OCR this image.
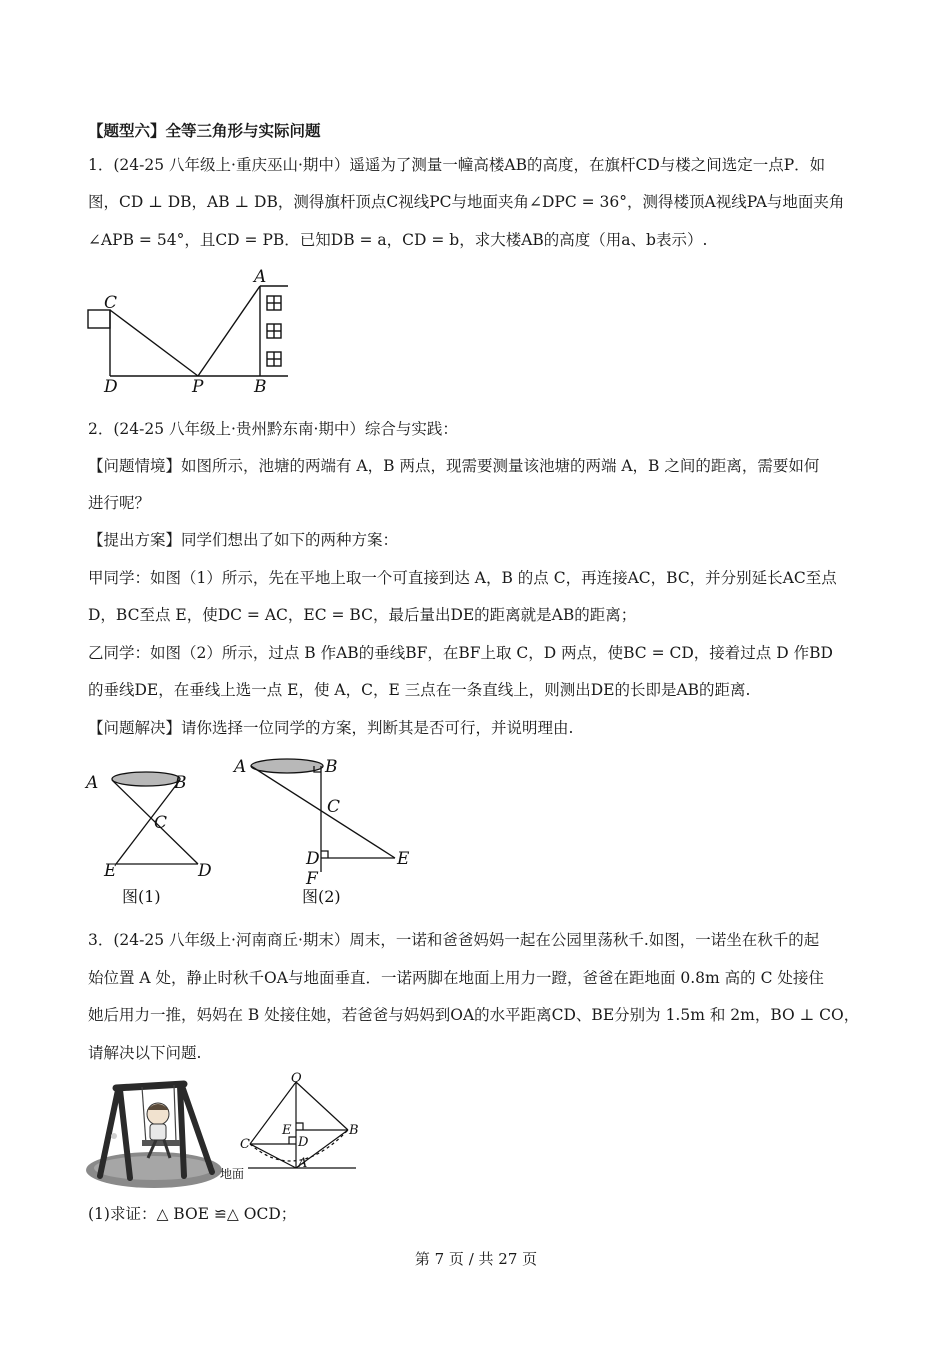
【题型六】全等三角形与实际问题
1．(24-25 八年级上·重庆巫山·期中）遥遥为了测量一幢高楼AB的高度，在旗杆CD与楼之间选定一点P．如
图，CD ⊥ DB，AB ⊥ DB，测得旗杆顶点C视线PC与地面夹角∠DPC = 36°，测得楼顶A视线PA与地面夹角
∠APB = 54°，且CD = PB．已知DB = a，CD = b，求大楼AB的高度（用a、b表示）.
A
C
D	P	B
2．(24-25 八年级上·贵州黔东南·期中）综合与实践：
【问题情境】如图所示，池塘的两端有 A，B 两点，现需要测量该池塘的两端 A，B 之间的距离，需要如何
进行呢？
【提出方案】同学们想出了如下的两种方案：
甲同学：如图（1）所示，先在平地上取一个可直接到达 A，B 的点 C，再连接AC，BC，并分别延长AC至点
D，BC至点 E，使DC = AC，EC = BC，最后量出DE的距离就是AB的距离；
乙同学：如图（2）所示，过点 B 作AB的垂线BF，在BF上取 C，D 两点，使BC = CD，接着过点 D 作BD
的垂线DE，在垂线上选一点 E，使 A，C，E 三点在一条直线上，则测出DE的长即是AB的距离.
【问题解决】请你选择一位同学的方案，判断其是否可行，并说明理由.
A	B
C
E	D
图(1)
A	B
C
D	E
F
图(2)
3．(24-25 八年级上·河南商丘·期末）周末，一诺和爸爸妈妈一起在公园里荡秋千.如图，一诺坐在秋千的起
始位置 A 处，静止时秋千OA与地面垂直．一诺两脚在地面上用力一蹬，爸爸在距地面 0.8m 高的 C 处接住
她后用力一推，妈妈在 B 处接住她，若爸爸与妈妈到OA的水平距离CD、BE分别为 1.5m 和 2m，BO ⊥ CO，
请解决以下问题.
O
C
E
D
B
A
地面
(1)求证：△ BOE ≌△ OCD；
第 7 页 / 共 27 页
